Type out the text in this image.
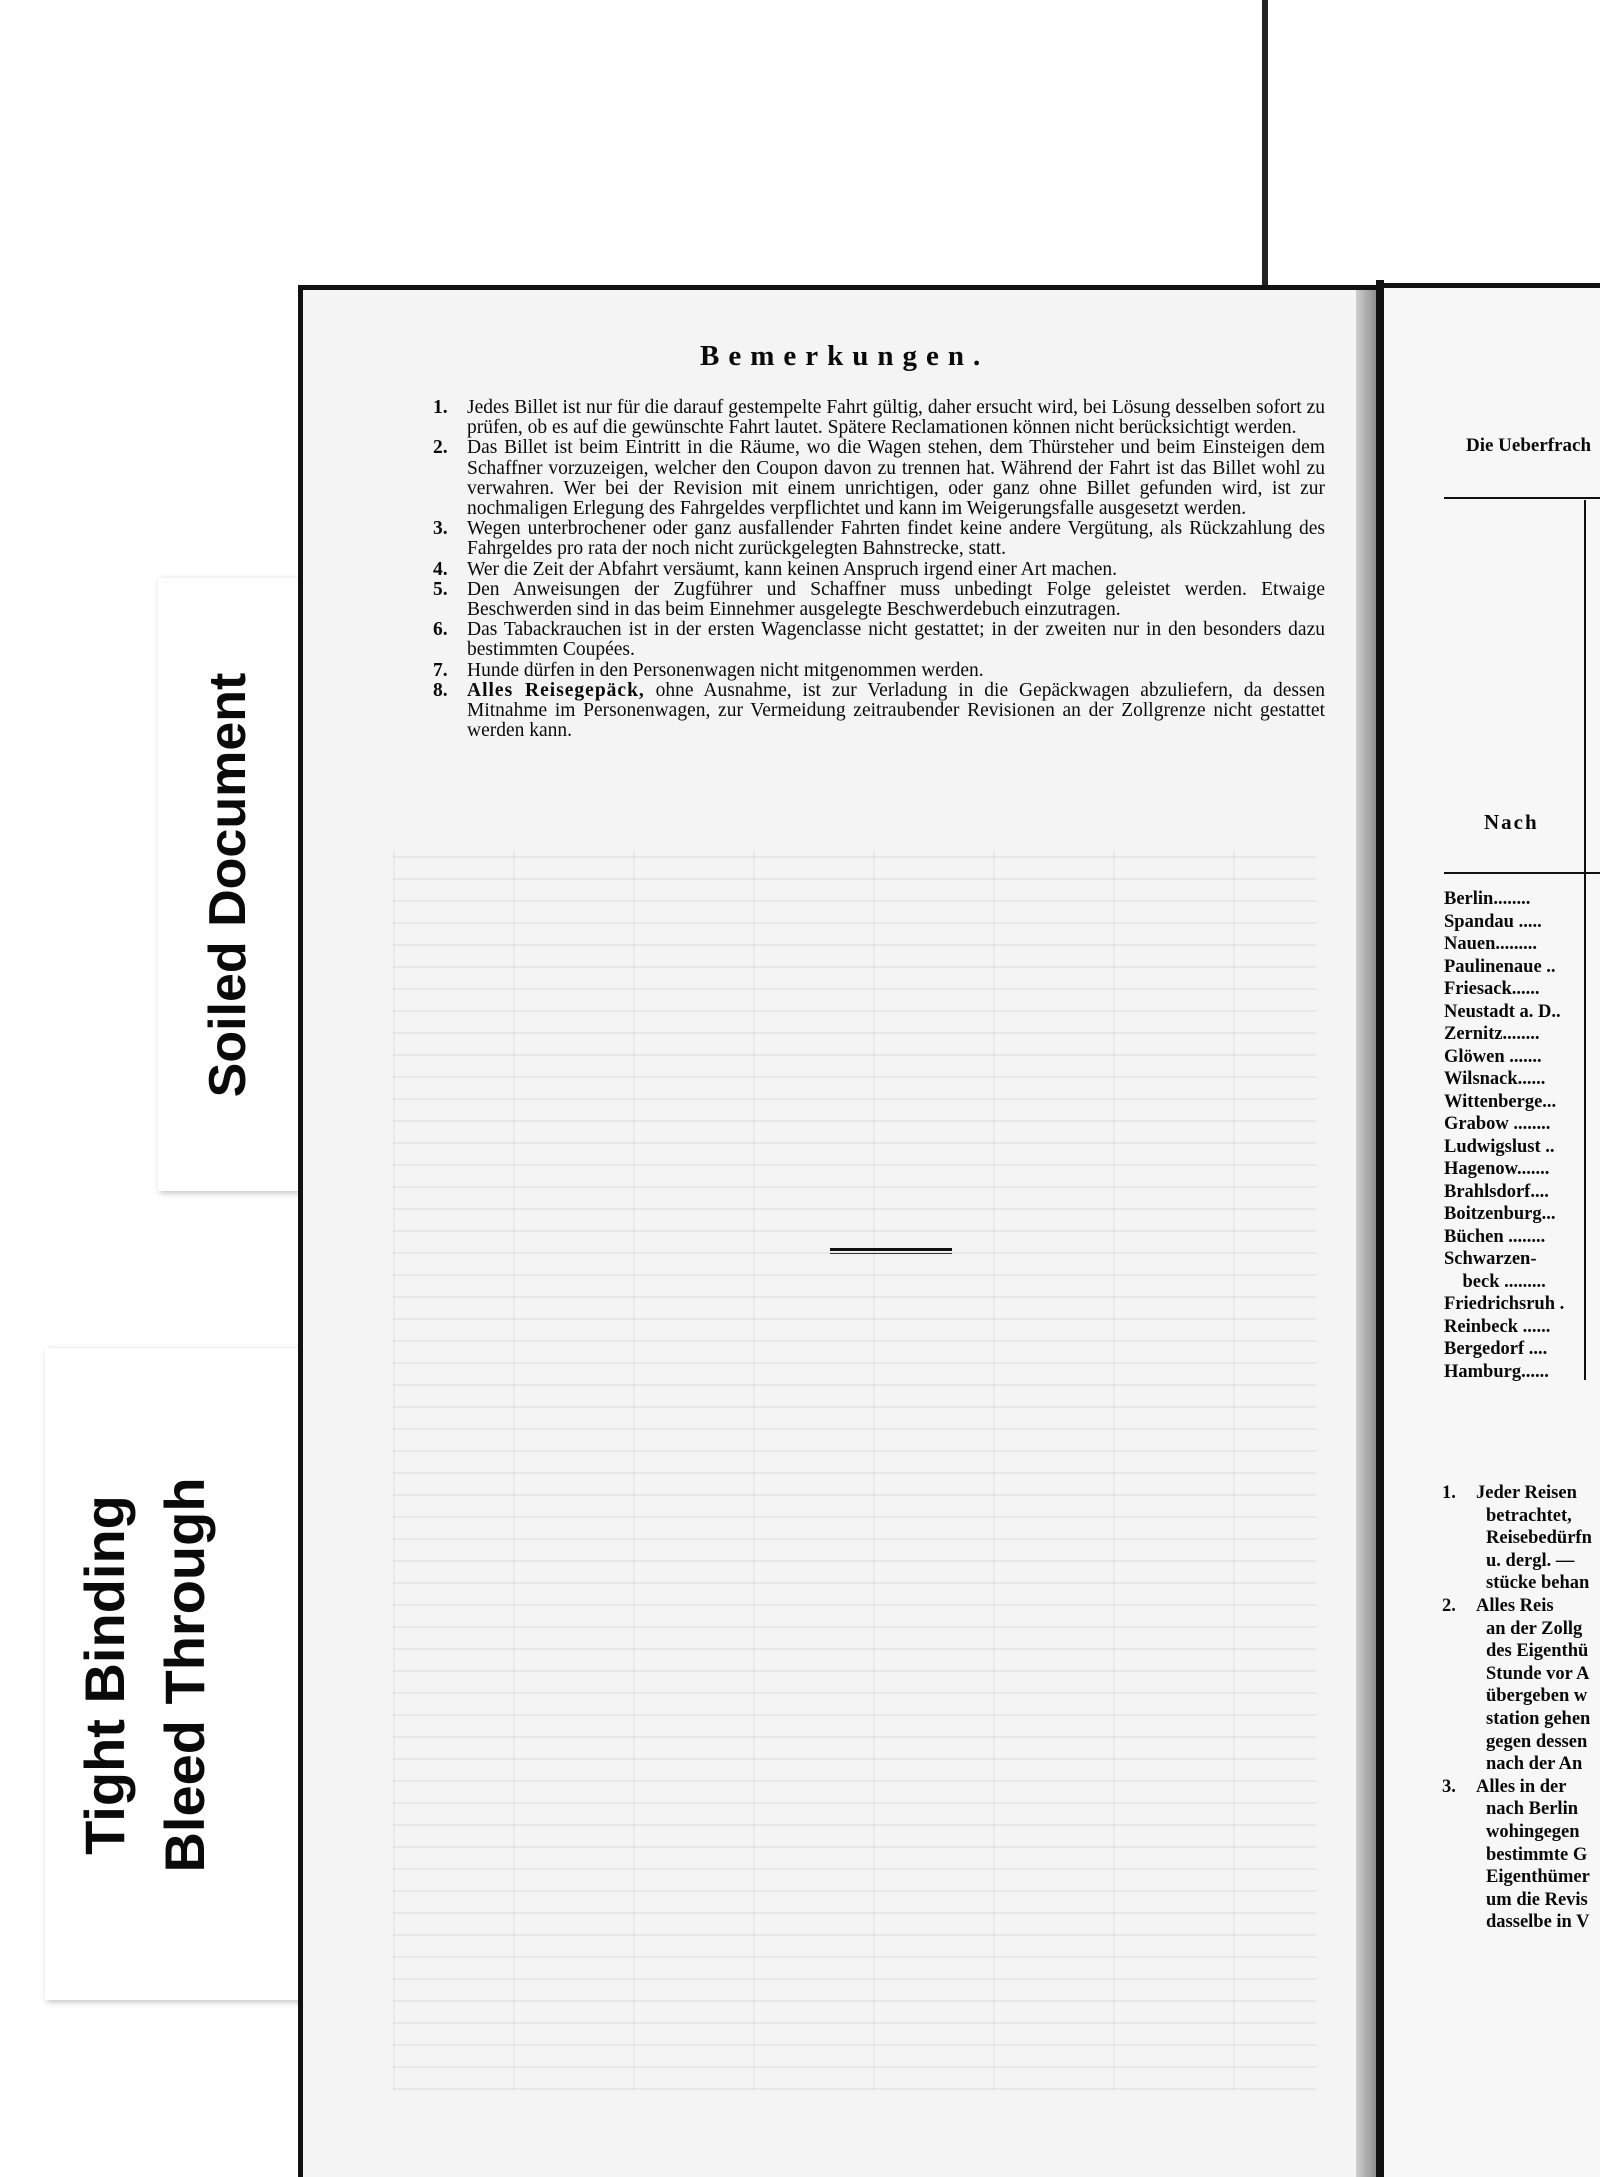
Soiled Document
Tight Binding Bleed Through
Bemerkungen.
1. Jedes Billet ist nur für die darauf gestempelte Fahrt gültig, daher ersucht wird, bei Lösung desselben sofort zu prüfen, ob es auf die gewünschte Fahrt lautet. Spätere Reclamationen können nicht berücksichtigt werden.
2. Das Billet ist beim Eintritt in die Räume, wo die Wagen stehen, dem Thürsteher und beim Einsteigen dem Schaffner vorzuzeigen, welcher den Coupon davon zu trennen hat. Während der Fahrt ist das Billet wohl zu verwahren. Wer bei der Revision mit einem unrichtigen, oder ganz ohne Billet gefunden wird, ist zur nochmaligen Erlegung des Fahrgeldes verpflichtet und kann im Weigerungsfalle ausgesetzt werden.
3. Wegen unterbrochener oder ganz ausfallender Fahrten findet keine andere Vergütung, als Rückzahlung des Fahrgeldes pro rata der noch nicht zurückgelegten Bahnstrecke, statt.
4. Wer die Zeit der Abfahrt versäumt, kann keinen Anspruch irgend einer Art machen.
5. Den Anweisungen der Zugführer und Schaffner muss unbedingt Folge geleistet werden. Etwaige Beschwerden sind in das beim Einnehmer ausgelegte Beschwerdebuch einzutragen.
6. Das Tabackrauchen ist in der ersten Wagenclasse nicht gestattet; in der zweiten nur in den besonders dazu bestimmten Coupées.
7. Hunde dürfen in den Personenwagen nicht mitgenommen werden.
8. Alles Reisegepäck, ohne Ausnahme, ist zur Verladung in die Gepäckwagen abzuliefern, da dessen Mitnahme im Personenwagen, zur Vermeidung zeitraubender Revisionen an der Zollgrenze nicht gestattet werden kann.
Die Ueberfrach
Nach
Berlin........
Spandau .....
Nauen.........
Paulinenaue ..
Friesack......
Neustadt a. D..
Zernitz........
Glöwen .......
Wilsnack......
Wittenberge...
Grabow ........
Ludwigslust ..
Hagenow.......
Brahlsdorf....
Boitzenburg...
Büchen ........
Schwarzen-
beck .........
Friedrichsruh .
Reinbeck ......
Bergedorf ....
Hamburg......
1. Jeder Reisen
betrachtet,
Reisebedürfn
u. dergl. —
stücke behan
2. Alles Reis
an der Zollg
des Eigenthü
Stunde vor A
übergeben w
station gehen
gegen dessen
nach der An
3. Alles in der
nach Berlin
wohingegen
bestimmte G
Eigenthümer
um die Revis
dasselbe in V
